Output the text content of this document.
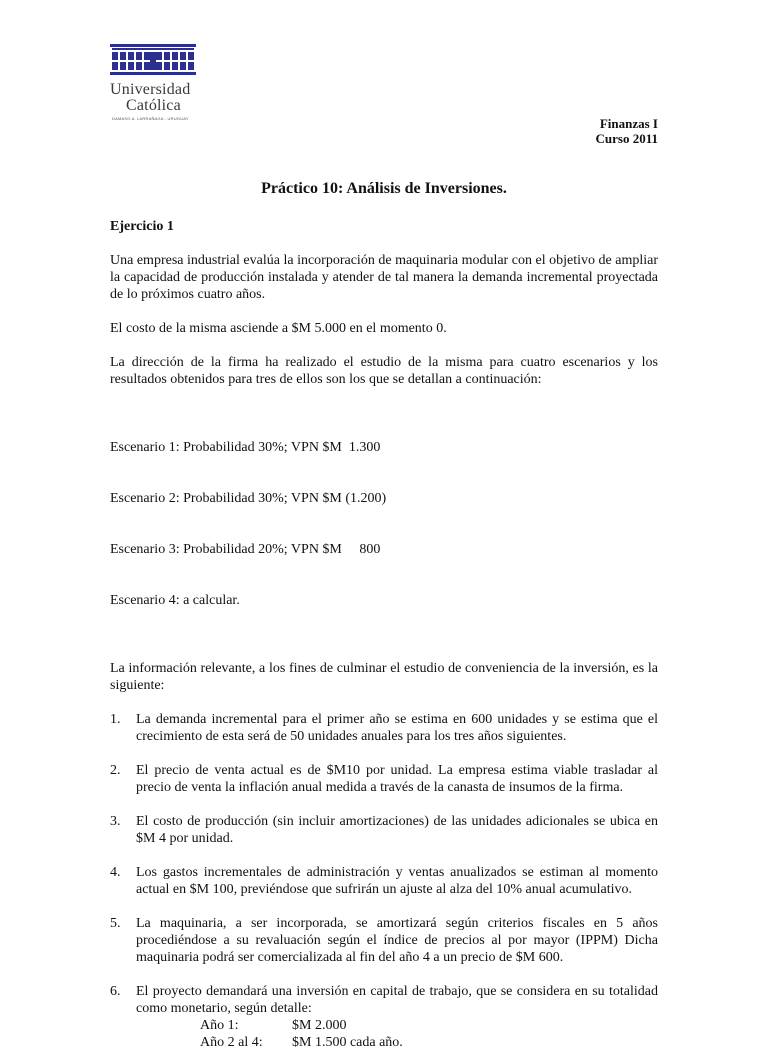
Universidad
Católica
DAMASO A. LARRAÑAGA - URUGUAY	Finanzas I
Curso 2011
Práctico 10: Análisis de Inversiones.

Ejercicio 1

Una empresa industrial evalúa la incorporación de maquinaria modular con el objetivo de ampliar la capacidad de producción instalada y atender de tal manera la demanda incremental proyectada de lo próximos cuatro años.

El costo de la misma asciende a $M 5.000 en el momento 0.

La dirección de la firma ha realizado el estudio de la misma para cuatro escenarios y los resultados obtenidos para tres de ellos son los que se detallan a continuación:

Escenario 1: Probabilidad 30%; VPN $M  1.300

Escenario 2: Probabilidad 30%; VPN $M (1.200)

Escenario 3: Probabilidad 20%; VPN $M     800

Escenario 4: a calcular.

La información relevante, a los fines de culminar el estudio de conveniencia de la inversión, es la siguiente:

1. La demanda incremental para el primer año se estima en 600 unidades y se estima que el crecimiento de esta será de 50 unidades anuales para los tres años siguientes.
2. El precio de venta actual es de $M10 por unidad. La empresa estima viable trasladar al precio de venta la inflación anual medida a través de la canasta de insumos de la firma.
3. El costo de producción (sin incluir amortizaciones) de las unidades adicionales se ubica en $M 4 por unidad.
4. Los gastos incrementales de administración y ventas anualizados se estiman al momento actual en $M 100, previéndose que sufrirán un ajuste al alza del 10% anual acumulativo.
5. La maquinaria, a ser incorporada, se amortizará según criterios fiscales en 5 años procediéndose a su revaluación según el índice de precios al por mayor (IPPM) Dicha maquinaria podrá ser comercializada al fin del año 4 a un precio de $M 600.
6. El proyecto demandará una inversión en capital de trabajo, que se considera en su totalidad como monetario, según detalle:
Año 1:	$M 2.000
Año 2 al 4:	$M 1.500 cada año.
